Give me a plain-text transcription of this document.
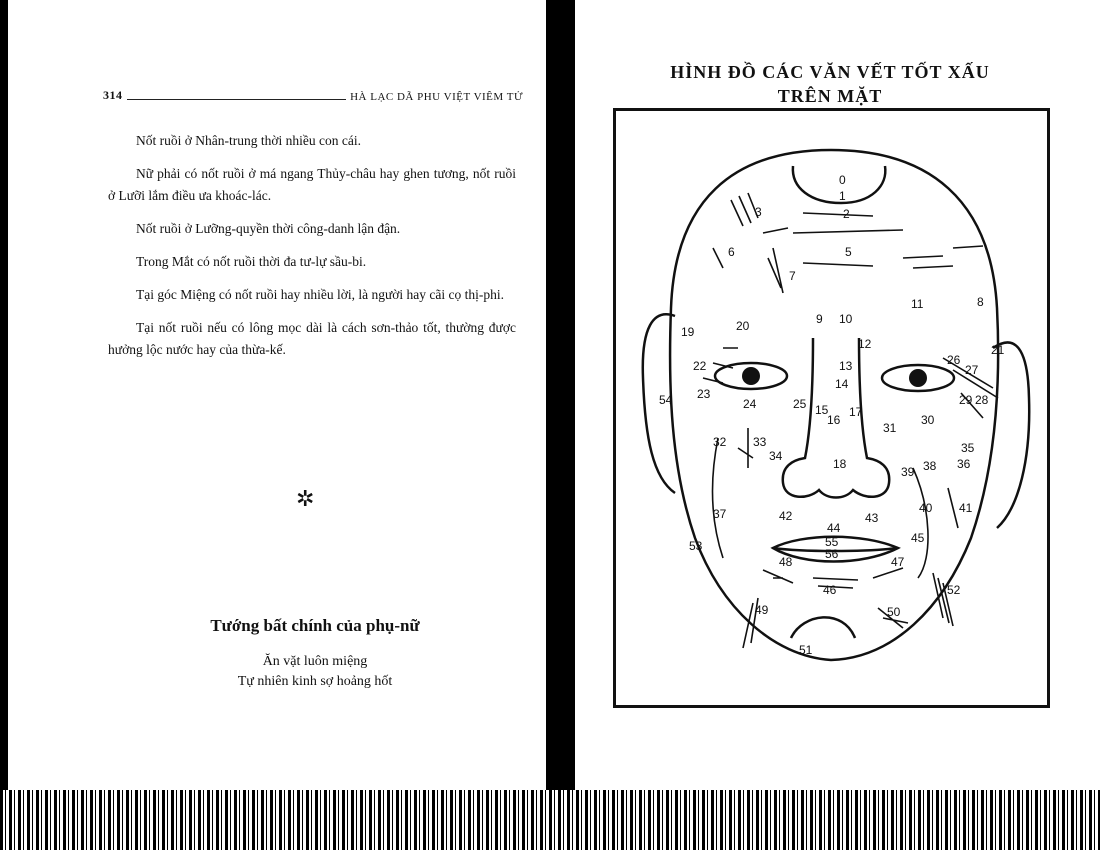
314	HÀ LẠC DÃ PHU VIỆT VIÊM TỬ

Nốt ruồi ở Nhân-trung thời nhiều con cái.

Nữ phải có nốt ruồi ở má ngang Thủy-châu hay ghen tương, nốt ruồi ở Lưỡi lắm điều ưa khoác-lác.

Nốt ruồi ở Lưỡng-quyền thời công-danh lận đận.

Trong Mắt có nốt ruồi thời đa tư-lự sầu-bi.

Tại góc Miệng có nốt ruồi hay nhiều lời, là người hay cãi cọ thị-phi.

Tại nốt ruồi nếu có lông mọc dài là cách sơn-thảo tốt, thường được hưởng lộc nước hay của thừa-kế.

✲
Tướng bất chính của phụ-nữ
Ăn vặt luôn miệng
Tự nhiên kinh sợ hoảng hốt
HÌNH ĐỒ CÁC VĂN VẾT TỐT XẤU
TRÊN MẶT
0
1
2
3
5
6
7
8
9 10
11
12
19	20
13
14
15
16
17
18
21
22
23
24	25
26
27
28
29
30
31
32 33
34
35
36
37
38
39
40 41
42	43
44
45
46
47
48
49	50
51
52
53
54
55
56
